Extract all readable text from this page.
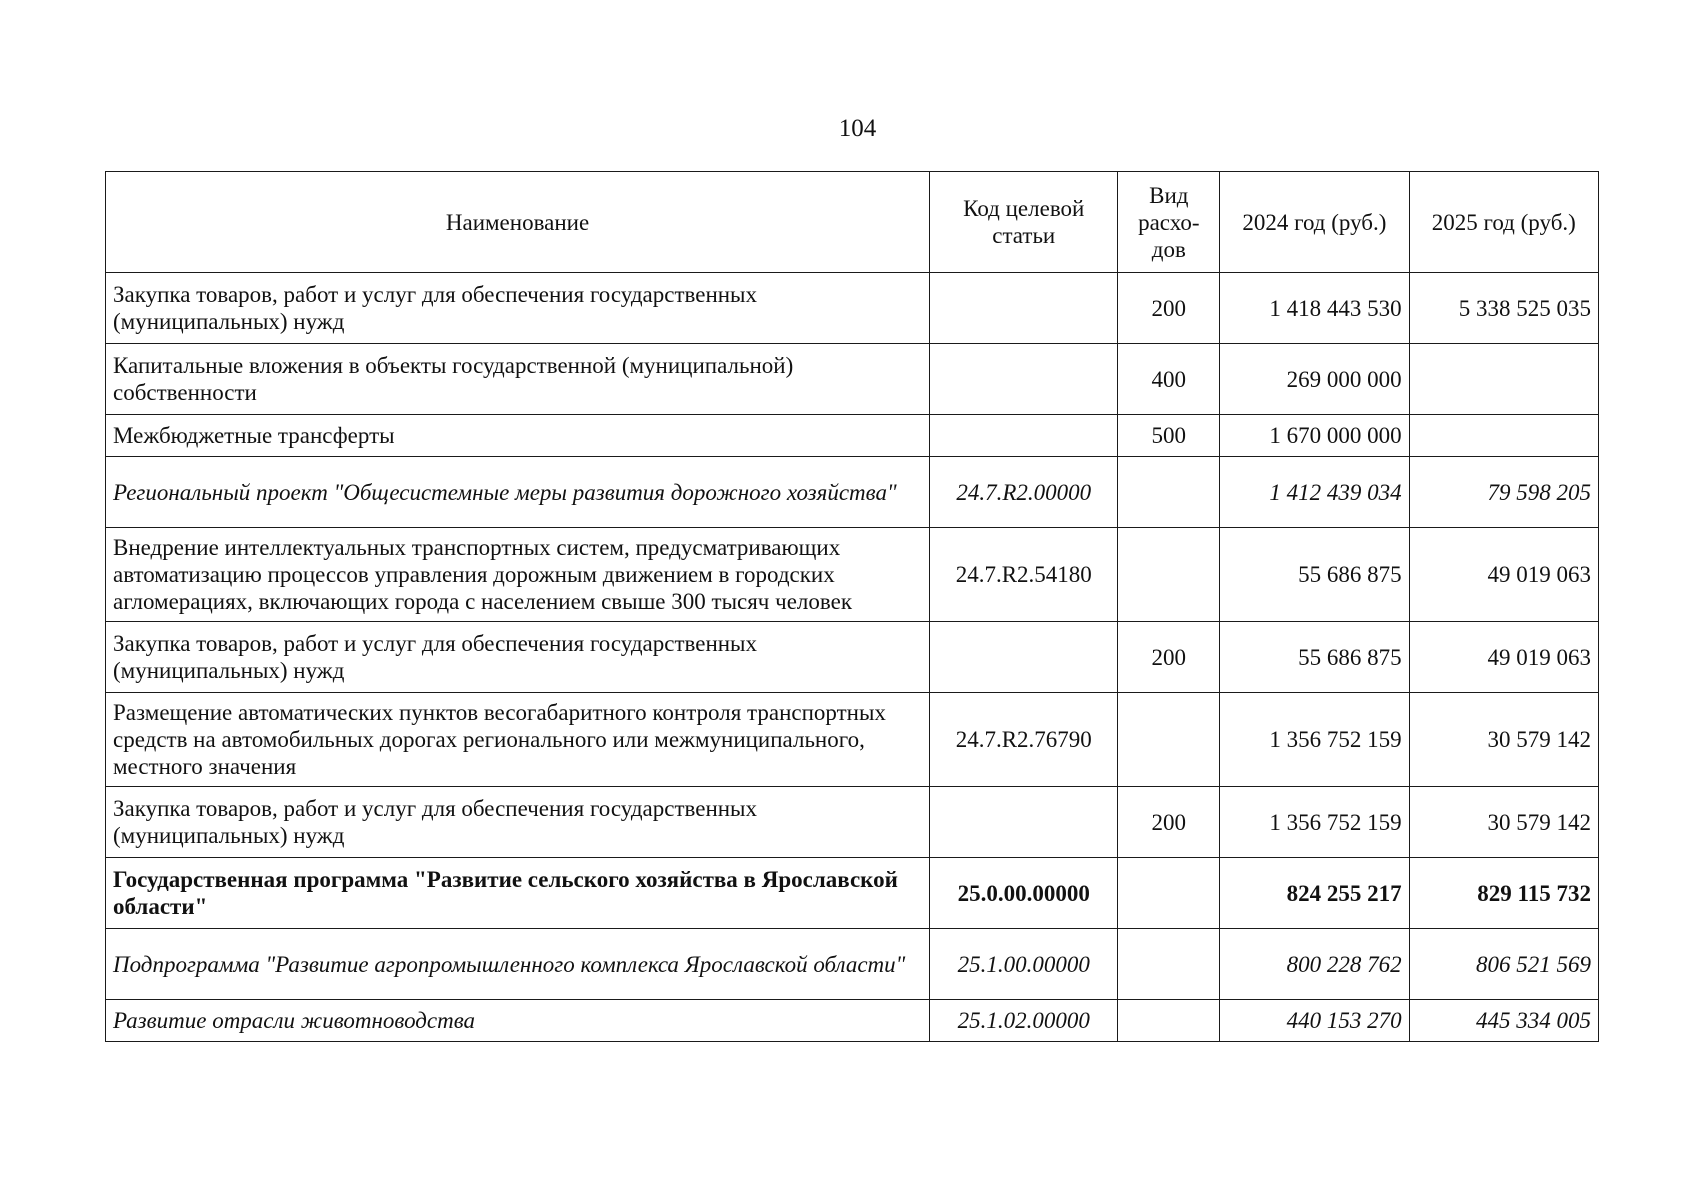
104
Наименование	Код целевой статьи	Вид расхо-дов	2024 год (руб.)	2025 год (руб.)
Закупка товаров, работ и услуг для обеспечения государственных (муниципальных) нужд		200	1 418 443 530	5 338 525 035
Капитальные вложения в объекты государственной (муниципальной) собственности		400	269 000 000	
Межбюджетные трансферты		500	1 670 000 000	
Региональный проект "Общесистемные меры развития дорожного хозяйства"	24.7.R2.00000		1 412 439 034	79 598 205
Внедрение интеллектуальных транспортных систем, предусматривающих автоматизацию процессов управления дорожным движением в городских агломерациях, включающих города с населением свыше 300 тысяч человек	24.7.R2.54180		55 686 875	49 019 063
Закупка товаров, работ и услуг для обеспечения государственных (муниципальных) нужд		200	55 686 875	49 019 063
Размещение автоматических пунктов весогабаритного контроля транспортных средств на автомобильных дорогах регионального или межмуниципального, местного значения	24.7.R2.76790		1 356 752 159	30 579 142
Закупка товаров, работ и услуг для обеспечения государственных (муниципальных) нужд		200	1 356 752 159	30 579 142
Государственная программа "Развитие сельского хозяйства в Ярославской области"	25.0.00.00000		824 255 217	829 115 732
Подпрограмма "Развитие агропромышленного комплекса Ярославской области"	25.1.00.00000		800 228 762	806 521 569
Развитие отрасли животноводства	25.1.02.00000		440 153 270	445 334 005
